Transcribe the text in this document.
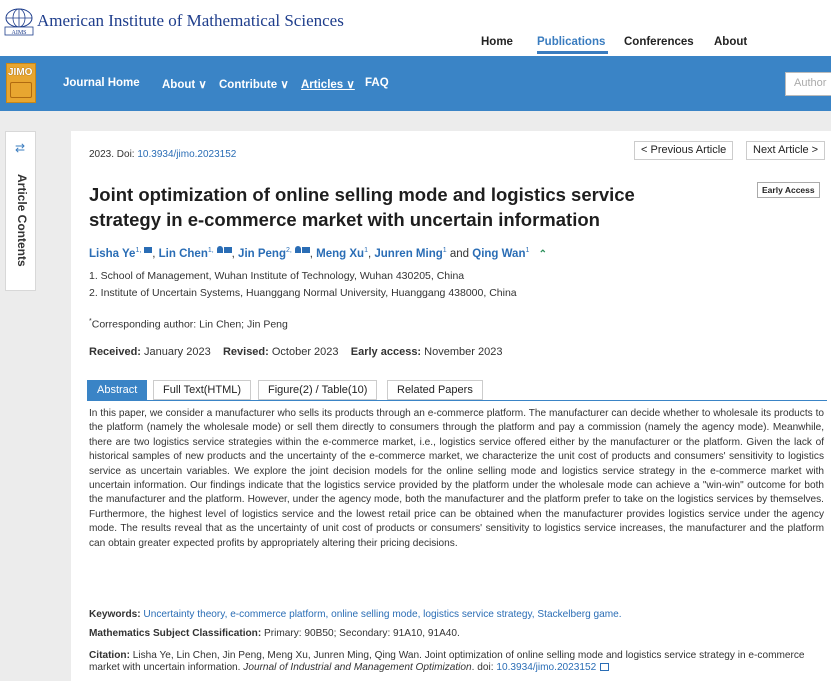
AIMS
American Institute of Mathematical Sciences
Home Publications Conferences About
JIMO
Journal Home About ∨ Contribute ∨ Articles ∨ FAQ	Author
⇄
Article Contents
2023. Doi: 10.3934/jimo.2023152	< Previous Article	Next Article >
Joint optimization of online selling mode and logistics service strategy in e-commerce market with uncertain information
Early Access
Lisha $Ye^{1,}$ , Lin Chen$^{1,}$ , Jin Peng$^{2,}$ , Meng Xu$^1$, Junren Ming$^1$ and Qing Wan$^1$ ⌃
1. School of Management, Wuhan Institute of Technology, Wuhan 430205, China
2. Institute of Uncertain Systems, Huanggang Normal University, Huanggang 438000, China
*Corresponding author: Lin Chen; Jin Peng
Received: January 2023 Revised: October 2023 Early access: November 2023
Abstract	Full Text(HTML)	Figure(2) / Table(10)	Related Papers
In this paper, we consider a manufacturer who sells its products through an e-commerce platform. The manufacturer can decide whether to wholesale its products to the platform (namely the wholesale mode) or sell them directly to consumers through the platform and pay a commission (namely the agency mode). Meanwhile, there are two logistics service strategies within the e-commerce market, i.e., logistics service offered either by the manufacturer or the platform. Given the lack of historical samples of new products and the uncertainty of the e-commerce market, we characterize the unit cost of products and consumers' sensitivity to logistics service as uncertain variables. We explore the joint decision models for the online selling mode and logistics service strategy in the e-commerce market with uncertain information. Our findings indicate that the logistics service provided by the platform under the wholesale mode can achieve a "win-win" outcome for both the manufacturer and the platform. However, under the agency mode, both the manufacturer and the platform prefer to take on the logistics services by themselves. Furthermore, the highest level of logistics service and the lowest retail price can be obtained when the manufacturer provides logistics service under the agency mode. The results reveal that as the uncertainty of unit cost of products or consumers' sensitivity to logistics service increases, the manufacturer and the platform can obtain greater expected profits by appropriately altering their pricing decisions.
Keywords: Uncertainty theory, e-commerce platform, online selling mode, logistics service strategy, Stackelberg game.
Mathematics Subject Classification: Primary: 90B50; Secondary: 91A10, 91A40.
Citation: Lisha Ye, Lin Chen, Jin Peng, Meng Xu, Junren Ming, Qing Wan. Joint optimization of online selling mode and logistics service strategy in e-commerce market with uncertain information. Journal of Industrial and Management Optimization. doi: 10.3934/jimo.2023152
